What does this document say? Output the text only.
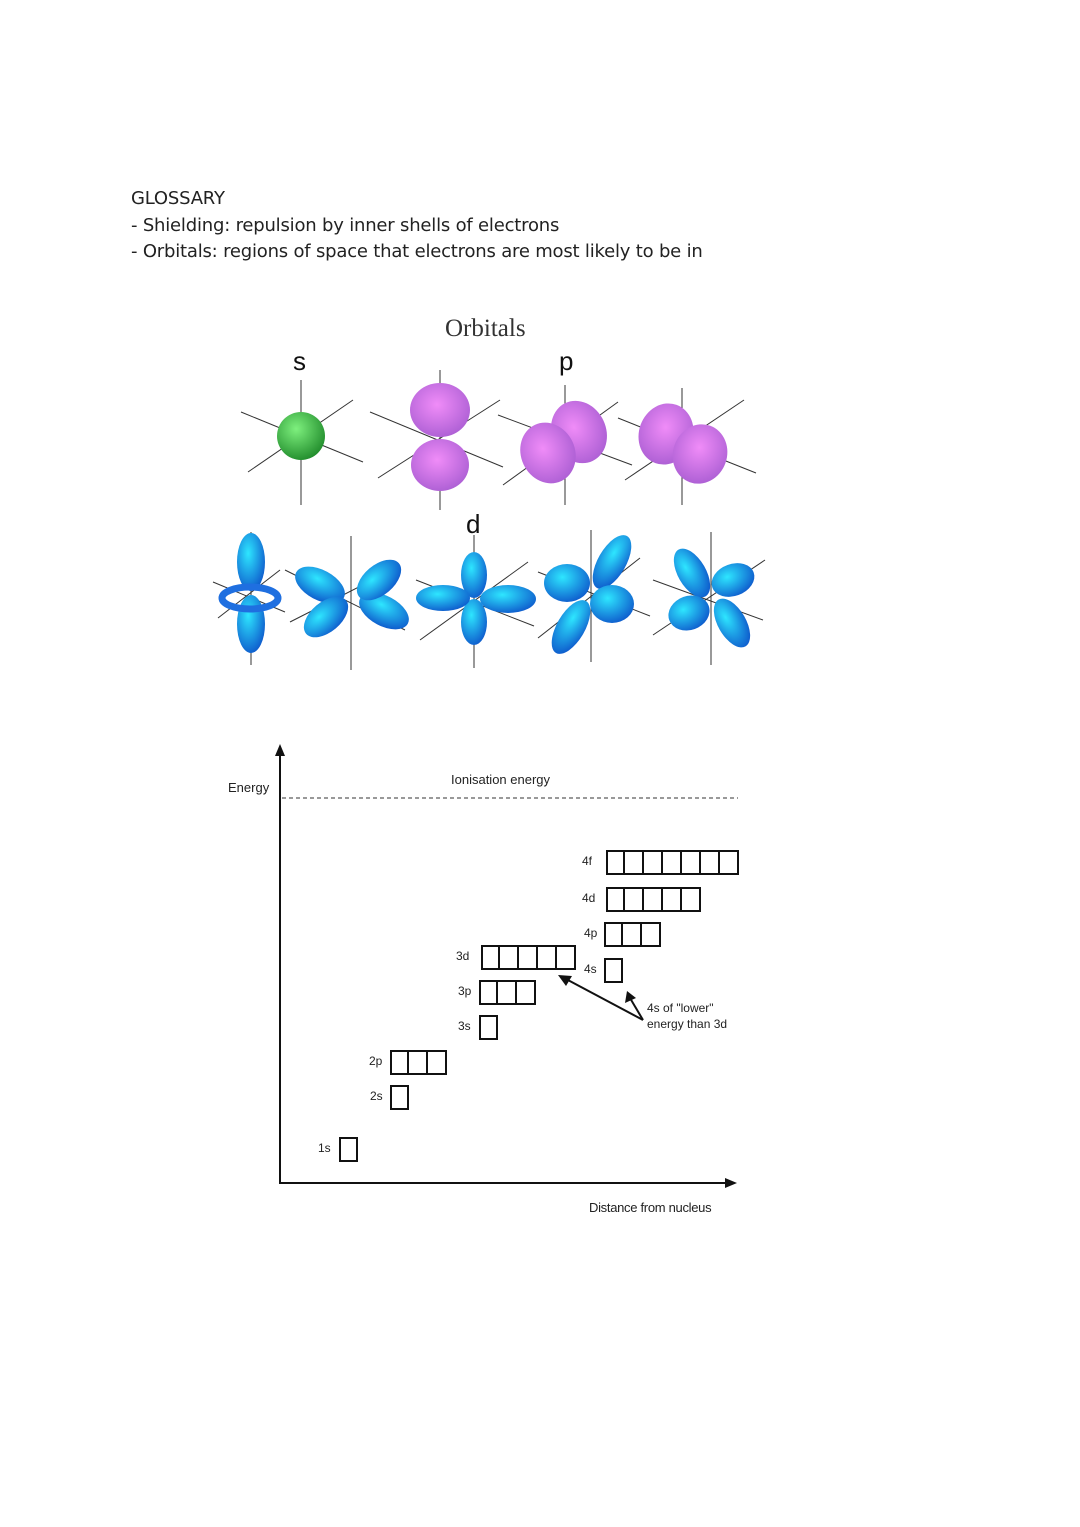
GLOSSARY
- Shielding: repulsion by inner shells of electrons
- Orbitals: regions of space that electrons are most likely to be in
Orbitals
s	p
d
Energy
Ionisation energy
Distance from nucleus
4s of "lower"
energy than 3d
1s
2s
2p
3s
3p
3d
4s
4p
4d
4f
